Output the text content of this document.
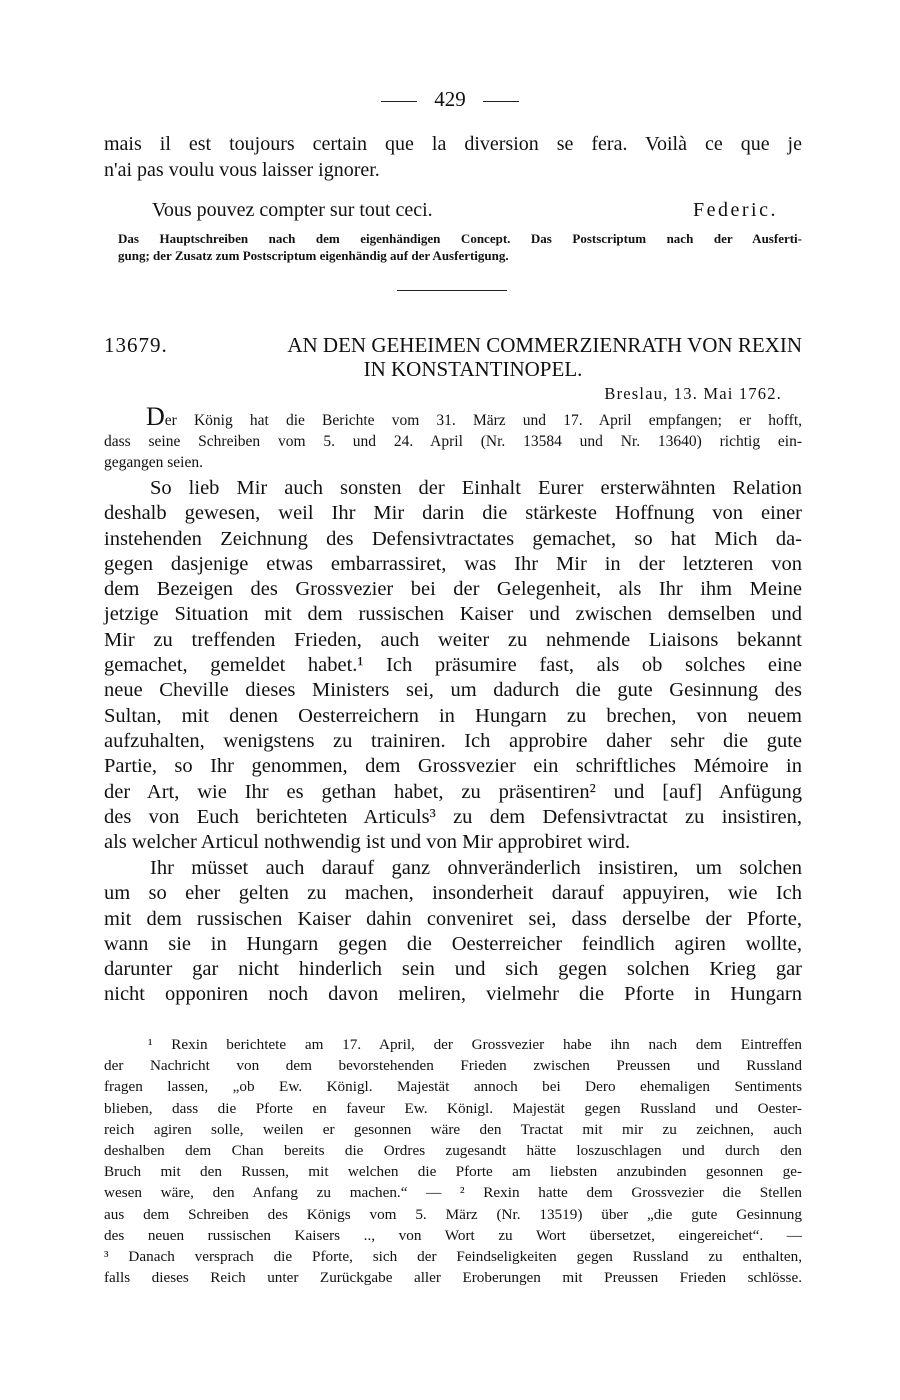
429
mais il est toujours certain que la diversion se fera. Voilà ce que je
n'ai pas voulu vous laisser ignorer.
Vous pouvez compter sur tout ceci.	Federic.
Das Hauptschreiben nach dem eigenhändigen Concept. Das Postscriptum nach der Ausferti-
gung; der Zusatz zum Postscriptum eigenhändig auf der Ausfertigung.
13679.	AN DEN GEHEIMEN COMMERZIENRATH VON REXIN
IN KONSTANTINOPEL.
Breslau, 13. Mai 1762.
Der König hat die Berichte vom 31. März und 17. April empfangen; er hofft,
dass seine Schreiben vom 5. und 24. April (Nr. 13584 und Nr. 13640) richtig ein-
gegangen seien.
So lieb Mir auch sonsten der Einhalt Eurer ersterwähnten Relation
deshalb gewesen, weil Ihr Mir darin die stärkeste Hoffnung von einer
instehenden Zeichnung des Defensivtractates gemachet, so hat Mich da-
gegen dasjenige etwas embarrassiret, was Ihr Mir in der letzteren von
dem Bezeigen des Grossvezier bei der Gelegenheit, als Ihr ihm Meine
jetzige Situation mit dem russischen Kaiser und zwischen demselben und
Mir zu treffenden Frieden, auch weiter zu nehmende Liaisons bekannt
gemachet, gemeldet habet.¹ Ich präsumire fast, als ob solches eine
neue Cheville dieses Ministers sei, um dadurch die gute Gesinnung des
Sultan, mit denen Oesterreichern in Hungarn zu brechen, von neuem
aufzuhalten, wenigstens zu trainiren. Ich approbire daher sehr die gute
Partie, so Ihr genommen, dem Grossvezier ein schriftliches Mémoire in
der Art, wie Ihr es gethan habet, zu präsentiren² und [auf] Anfügung
des von Euch berichteten Articuls³ zu dem Defensivtractat zu insistiren,
als welcher Articul nothwendig ist und von Mir approbiret wird.
Ihr müsset auch darauf ganz ohnveränderlich insistiren, um solchen
um so eher gelten zu machen, insonderheit darauf appuyiren, wie Ich
mit dem russischen Kaiser dahin conveniret sei, dass derselbe der Pforte,
wann sie in Hungarn gegen die Oesterreicher feindlich agiren wollte,
darunter gar nicht hinderlich sein und sich gegen solchen Krieg gar
nicht opponiren noch davon meliren, vielmehr die Pforte in Hungarn
¹ Rexin berichtete am 17. April, der Grossvezier habe ihn nach dem Eintreffen
der Nachricht von dem bevorstehenden Frieden zwischen Preussen und Russland
fragen lassen, „ob Ew. Königl. Majestät annoch bei Dero ehemaligen Sentiments
blieben, dass die Pforte en faveur Ew. Königl. Majestät gegen Russland und Oester-
reich agiren solle, weilen er gesonnen wäre den Tractat mit mir zu zeichnen, auch
deshalben dem Chan bereits die Ordres zugesandt hätte loszuschlagen und durch den
Bruch mit den Russen, mit welchen die Pforte am liebsten anzubinden gesonnen ge-
wesen wäre, den Anfang zu machen.“ — ² Rexin hatte dem Grossvezier die Stellen
aus dem Schreiben des Königs vom 5. März (Nr. 13519) über „die gute Gesinnung
des neuen russischen Kaisers .., von Wort zu Wort übersetzet, eingereichet“. —
³ Danach versprach die Pforte, sich der Feindseligkeiten gegen Russland zu enthalten,
falls dieses Reich unter Zurückgabe aller Eroberungen mit Preussen Frieden schlösse.
